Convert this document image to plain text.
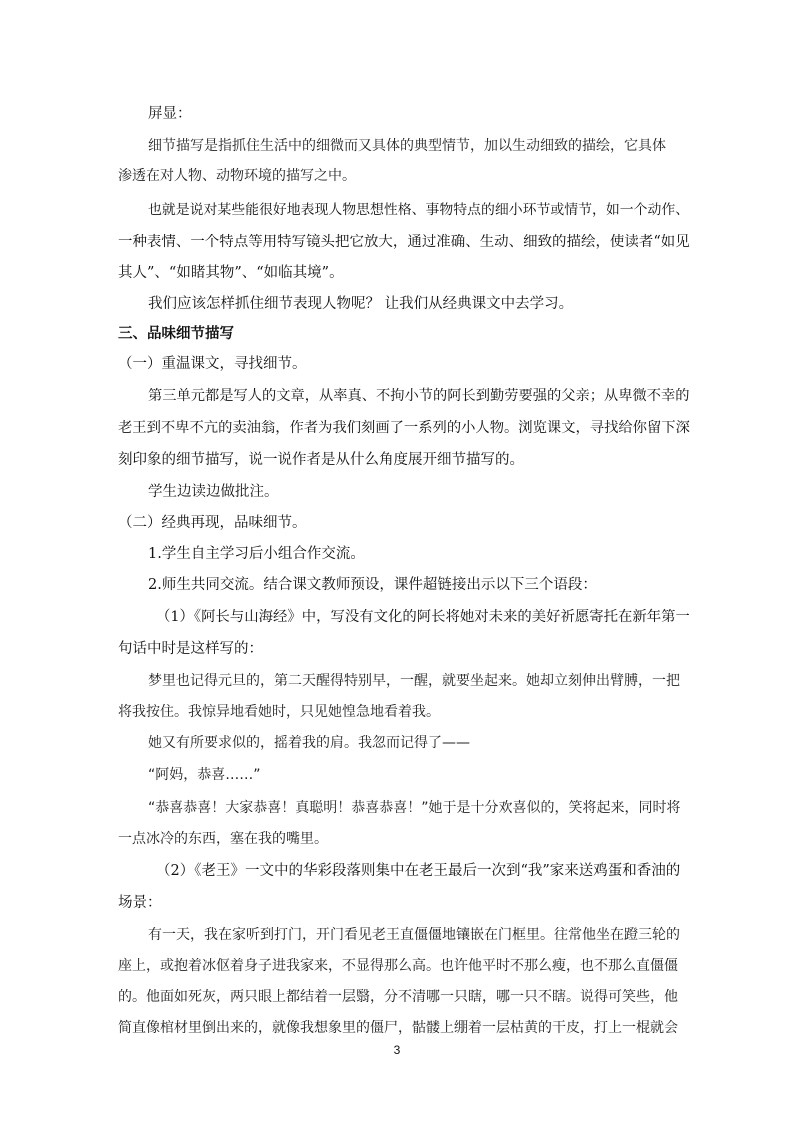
屏显：
细节描写是指抓住生活中的细微而又具体的典型情节，加以生动细致的描绘，它具体
渗透在对人物、动物环境的描写之中。
也就是说对某些能很好地表现人物思想性格、事物特点的细小环节或情节，如一个动作、
一种表情、一个特点等用特写镜头把它放大，通过准确、生动、细致的描绘，使读者“如见
其人”、“如睹其物”、“如临其境”。
我们应该怎样抓住细节表现人物呢？ 让我们从经典课文中去学习。
三、品味细节描写
（一）重温课文，寻找细节。
第三单元都是写人的文章，从率真、不拘小节的阿长到勤劳要强的父亲；从卑微不幸的
老王到不卑不亢的卖油翁，作者为我们刻画了一系列的小人物。浏览课文，寻找给你留下深
刻印象的细节描写，说一说作者是从什么角度展开细节描写的。
学生边读边做批注。
（二）经典再现，品味细节。
1.学生自主学习后小组合作交流。
2.师生共同交流。结合课文教师预设，课件超链接出示以下三个语段：
（1）《阿长与山海经》中，写没有文化的阿长将她对未来的美好祈愿寄托在新年第一
句话中时是这样写的：
梦里也记得元旦的，第二天醒得特别早，一醒，就要坐起来。她却立刻伸出臂膊，一把
将我按住。我惊异地看她时，只见她惶急地看着我。
她又有所要求似的，摇着我的肩。我忽而记得了——
“阿妈，恭喜……”
“恭喜恭喜！大家恭喜！真聪明！恭喜恭喜！”她于是十分欢喜似的，笑将起来，同时将
一点冰冷的东西，塞在我的嘴里。
（2）《老王》一文中的华彩段落则集中在老王最后一次到“我”家来送鸡蛋和香油的
场景：
有一天，我在家听到打门，开门看见老王直僵僵地镶嵌在门框里。往常他坐在蹬三轮的
座上，或抱着冰伛着身子进我家来，不显得那么高。也许他平时不那么瘦，也不那么直僵僵
的。他面如死灰，两只眼上都结着一层翳，分不清哪一只瞎，哪一只不瞎。说得可笑些，他
简直像棺材里倒出来的，就像我想象里的僵尸，骷髅上绷着一层枯黄的干皮，打上一棍就会
3
